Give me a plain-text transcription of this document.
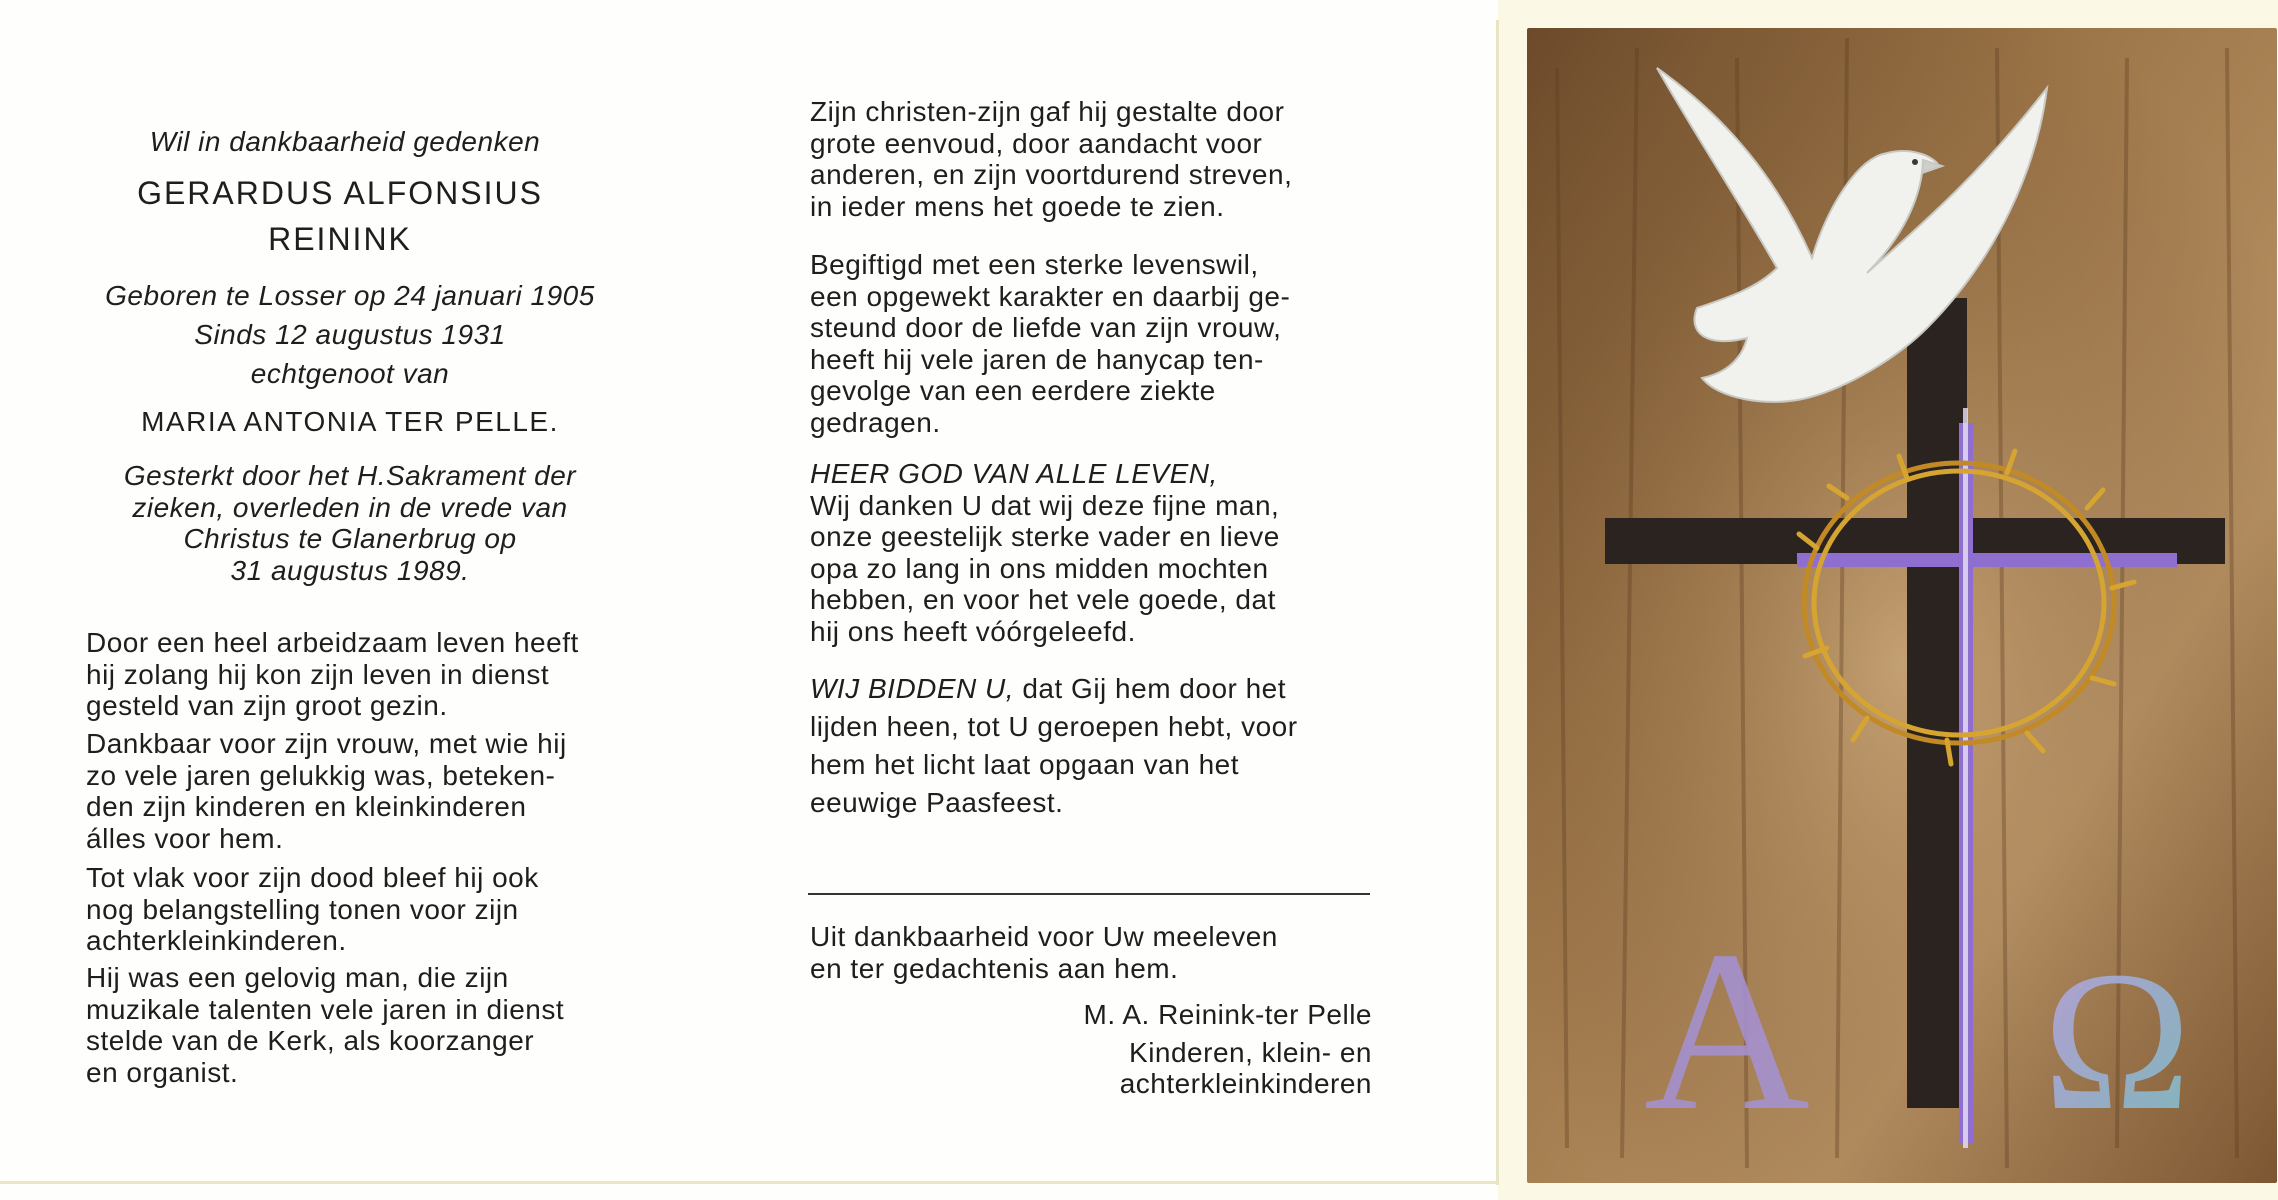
Wil in dankbaarheid gedenken
GERARDUS ALFONSIUS
REININK
Geboren te Losser op 24 januari 1905
Sinds 12 augustus 1931
echtgenoot van
MARIA ANTONIA TER PELLE.
Gesterkt door het H.Sakrament der
zieken, overleden in de vrede van
Christus te Glanerbrug op
31 augustus 1989.
Door een heel arbeidzaam leven heeft
hij zolang hij kon zijn leven in dienst
gesteld van zijn groot gezin.
Dankbaar voor zijn vrouw, met wie hij
zo vele jaren gelukkig was, beteken-
den zijn kinderen en kleinkinderen
álles voor hem.
Tot vlak voor zijn dood bleef hij ook
nog belangstelling tonen voor zijn
achterkleinkinderen.
Hij was een gelovig man, die zijn
muzikale talenten vele jaren in dienst
stelde van de Kerk, als koorzanger
en organist.
Zijn christen-zijn gaf hij gestalte door
grote eenvoud, door aandacht voor
anderen, en zijn voortdurend streven,
in ieder mens het goede te zien.
Begiftigd met een sterke levenswil,
een opgewekt karakter en daarbij ge-
steund door de liefde van zijn vrouw,
heeft hij vele jaren de hanycap ten-
gevolge van een eerdere ziekte
gedragen.
HEER GOD VAN ALLE LEVEN,
Wij danken U dat wij deze fijne man,
onze geestelijk sterke vader en lieve
opa zo lang in ons midden mochten
hebben, en voor het vele goede, dat
hij ons heeft vóórgeleefd.
WIJ BIDDEN U, dat Gij hem door het
lijden heen, tot U geroepen hebt, voor
hem het licht laat opgaan van het
eeuwige Paasfeest.
Uit dankbaarheid voor Uw meeleven
en ter gedachtenis aan hem.
M. A. Reinink-ter Pelle
Kinderen, klein- en
achterkleinkinderen A Ω
